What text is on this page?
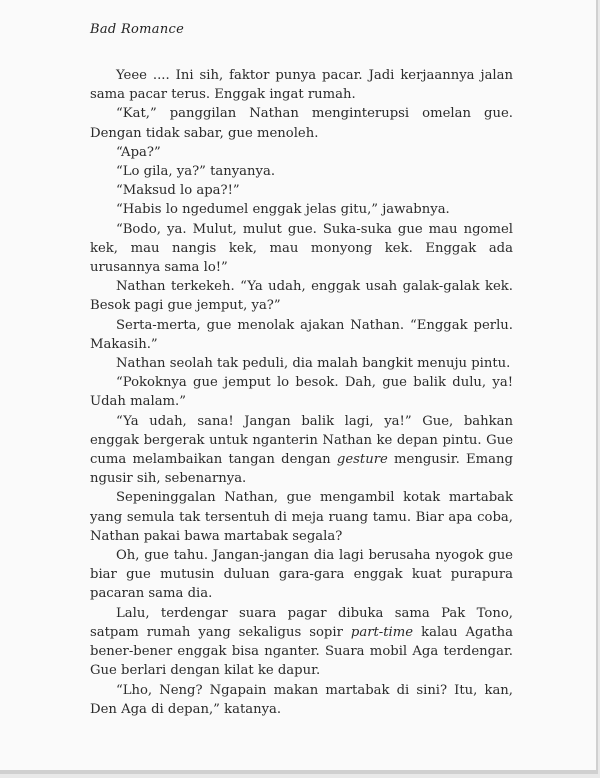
Bad Romance

Yeee .... Ini sih, faktor punya pacar. Jadi kerjaannya jalan sama pacar terus. Enggak ingat rumah.

“Kat,” panggilan Nathan menginterupsi omelan gue. Dengan tidak sabar, gue menoleh.

“Apa?”

“Lo gila, ya?” tanyanya.

“Maksud lo apa?!”

“Habis lo ngedumel enggak jelas gitu,” jawabnya.

“Bodo, ya. Mulut, mulut gue. Suka-suka gue mau ngomel kek, mau nangis kek, mau monyong kek. Enggak ada urusannya sama lo!”

Nathan terkekeh. “Ya udah, enggak usah galak-galak kek. Besok pagi gue jemput, ya?”

Serta-merta, gue menolak ajakan Nathan. “Enggak perlu. Makasih.”

Nathan seolah tak peduli, dia malah bangkit menuju pintu.

“Pokoknya gue jemput lo besok. Dah, gue balik dulu, ya! Udah malam.”

“Ya udah, sana! Jangan balik lagi, ya!” Gue, bahkan enggak bergerak untuk nganterin Nathan ke depan pintu. Gue cuma melambaikan tangan dengan gesture mengusir. Emang ngusir sih, sebenarnya.

Sepeninggalan Nathan, gue mengambil kotak martabak yang semula tak tersentuh di meja ruang tamu. Biar apa coba, Nathan pakai bawa martabak segala?

Oh, gue tahu. Jangan-jangan dia lagi berusaha nyogok gue biar gue mutusin duluan gara-gara enggak kuat purapura pacaran sama dia.

Lalu, terdengar suara pagar dibuka sama Pak Tono, satpam rumah yang sekaligus sopir part-time kalau Agatha bener-bener enggak bisa nganter. Suara mobil Aga terdengar. Gue berlari dengan kilat ke dapur.

“Lho, Neng? Ngapain makan martabak di sini? Itu, kan, Den Aga di depan,” katanya.
